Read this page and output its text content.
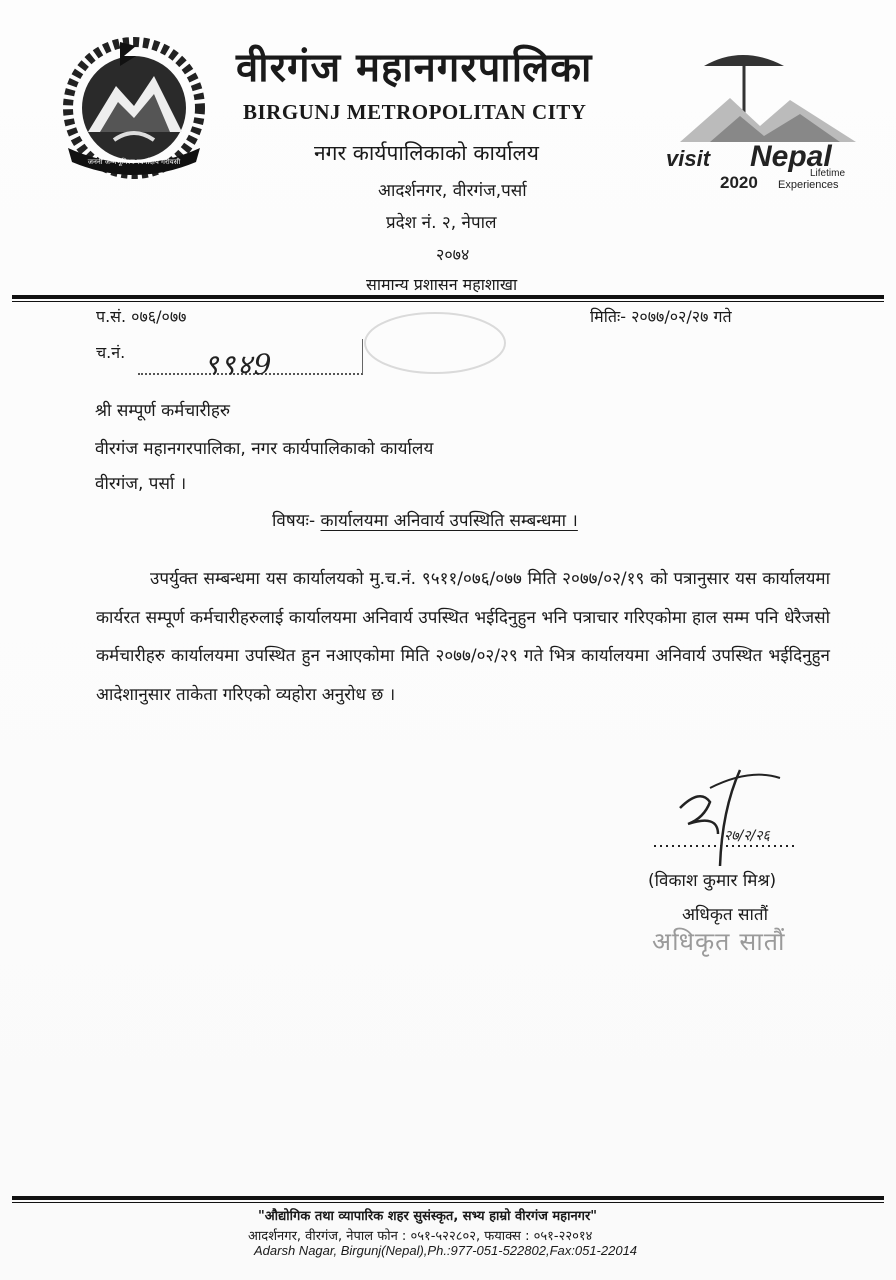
जननी जन्मभूमिश्च स्वर्गादपि गरीयसी
वीरगंज महानगरपालिका
BIRGUNJ METROPOLITAN CITY
नगर कार्यपालिकाको कार्यालय
आदर्शनगर, वीरगंज,पर्सा
प्रदेश नं. २, नेपाल
२०७४
सामान्य प्रशासन महाशाखा
visit Nepal
2020	Lifetime
Experiences
प.सं. ०७६/०७७	मितिः- २०७७/०२/२७ गते
च.नं.	९९४9
श्री सम्पूर्ण कर्मचारीहरु
वीरगंज महानगरपालिका, नगर कार्यपालिकाको कार्यालय
वीरगंज, पर्सा ।
विषयः- कार्यालयमा अनिवार्य उपस्थिति सम्बन्धमा ।
उपर्युक्त सम्बन्धमा यस कार्यालयको मु.च.नं. ९५११/०७६/०७७ मिति २०७७/०२/१९ को पत्रानुसार यस कार्यालयमा कार्यरत सम्पूर्ण कर्मचारीहरुलाई कार्यालयमा अनिवार्य उपस्थित भईदिनुहुन भनि पत्राचार गरिएकोमा हाल सम्म पनि धेरैजसो कर्मचारीहरु कार्यालयमा उपस्थित हुन नआएकोमा मिति २०७७/०२/२९ गते भित्र कार्यालयमा अनिवार्य उपस्थित भईदिनुहुन आदेशानुसार ताकेता गरिएको व्यहोरा अनुरोध छ ।
२७/२/२६
(विकाश कुमार मिश्र)
अधिकृत सातौं
अधिकृत सातौं
"औद्योगिक तथा व्यापारिक शहर सुसंस्कृत, सभ्य हाम्रो वीरगंज महानगर"
आदर्शनगर, वीरगंज, नेपाल फोन : ०५१-५२२८०२, फयाक्स : ०५१-२२०१४
Adarsh Nagar, Birgunj(Nepal),Ph.:977-051-522802,Fax:051-22014
